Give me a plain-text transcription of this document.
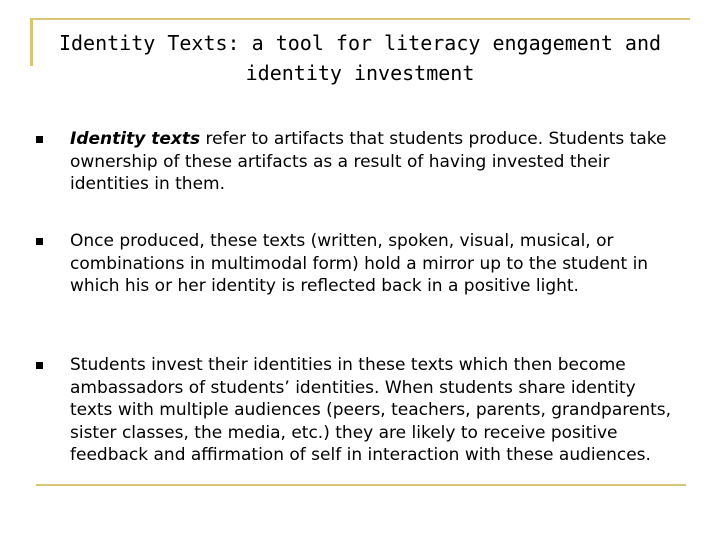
Identity Texts: a tool for literacy engagement and
identity investment
Identity texts refer to artifacts that students produce. Students take ownership of these artifacts as a result of having invested their identities in them.
Once produced, these texts (written, spoken, visual, musical, or combinations in multimodal form) hold a mirror up to the student in which his or her identity is reflected back in a positive light.
Students invest their identities in these texts which then become ambassadors of students’ identities. When students share identity texts with multiple audiences (peers, teachers, parents, grandparents, sister classes, the media, etc.) they are likely to receive positive feedback and affirmation of self in interaction with these audiences.
